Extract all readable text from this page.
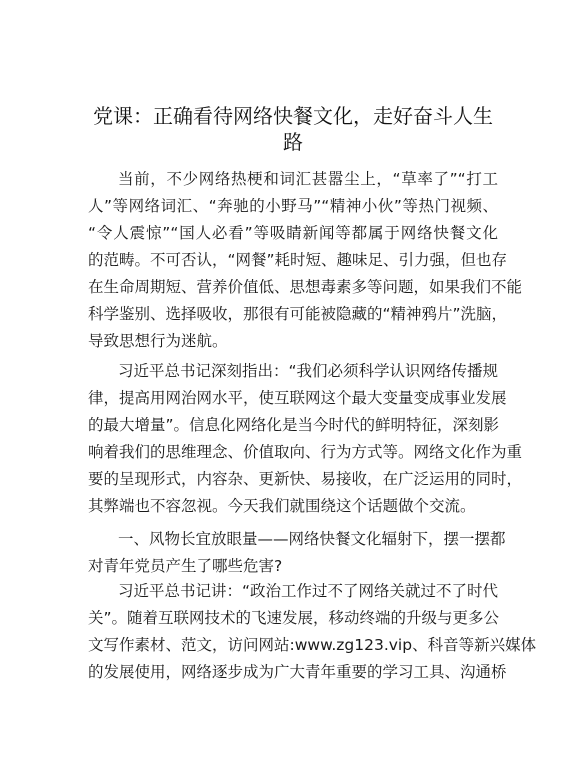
党课：正确看待网络快餐文化，走好奋斗人生
路
当前，不少网络热梗和词汇甚嚣尘上，“草率了”“打工
人”等网络词汇、“奔驰的小野马”“精神小伙”等热门视频、
“令人震惊”“国人必看”等吸睛新闻等都属于网络快餐文化
的范畴。不可否认，“网餐”耗时短、趣味足、引力强，但也存
在生命周期短、营养价值低、思想毒素多等问题，如果我们不能
科学鉴别、选择吸收，那很有可能被隐藏的“精神鸦片”洗脑，
导致思想行为迷航。
习近平总书记深刻指出：“我们必须科学认识网络传播规
律，提高用网治网水平，使互联网这个最大变量变成事业发展
的最大增量”。信息化网络化是当今时代的鲜明特征，深刻影
响着我们的思维理念、价值取向、行为方式等。网络文化作为重
要的呈现形式，内容杂、更新快、易接收，在广泛运用的同时，
其弊端也不容忽视。今天我们就围绕这个话题做个交流。
一、风物长宜放眼量——网络快餐文化辐射下，摆一摆都
对青年党员产生了哪些危害?
习近平总书记讲：“政治工作过不了网络关就过不了时代
关”。随着互联网技术的飞速发展，移动终端的升级与更多公
文写作素材、范文，访问网站:www.zg123.vip、科音等新兴媒体
的发展使用，网络逐步成为广大青年重要的学习工具、沟通桥
